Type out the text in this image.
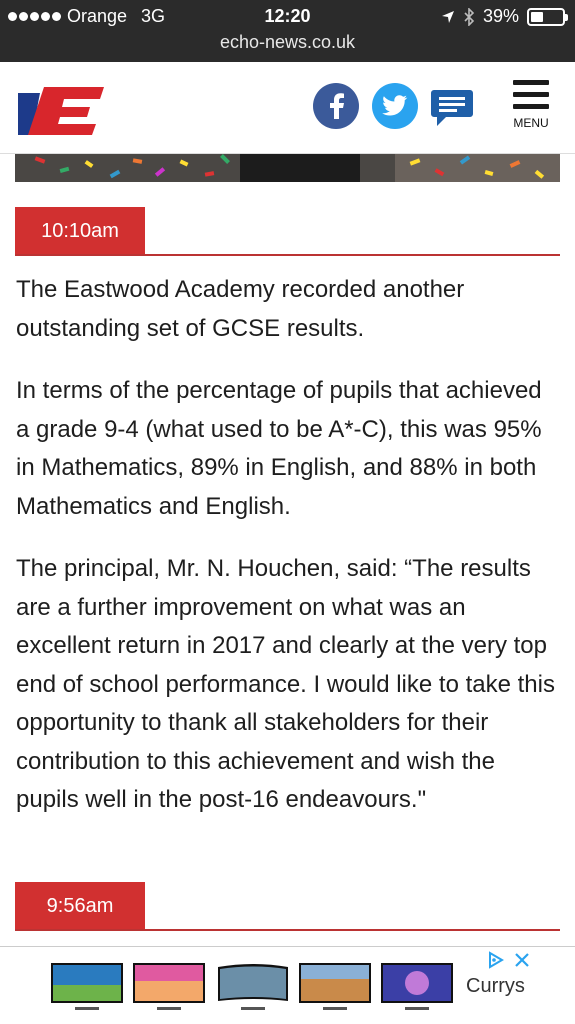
Orange 3G	12:20	39%
echo-news.co.uk
MENU
10:10am

The Eastwood Academy recorded another outstanding set of GCSE results.

In terms of the percentage of pupils that achieved a grade 9-4 (what used to be A*-C), this was 95% in Mathematics, 89% in English, and 88% in both Mathematics and English.

The principal, Mr. N. Houchen, said: “The results are a further improvement on what was an excellent return in 2017 and clearly at the very top end of school performance. I would like to take this opportunity to thank all stakeholders for their contribution to this achievement and wish the pupils well in the post-16 endeavours."

9:56am
Currys
